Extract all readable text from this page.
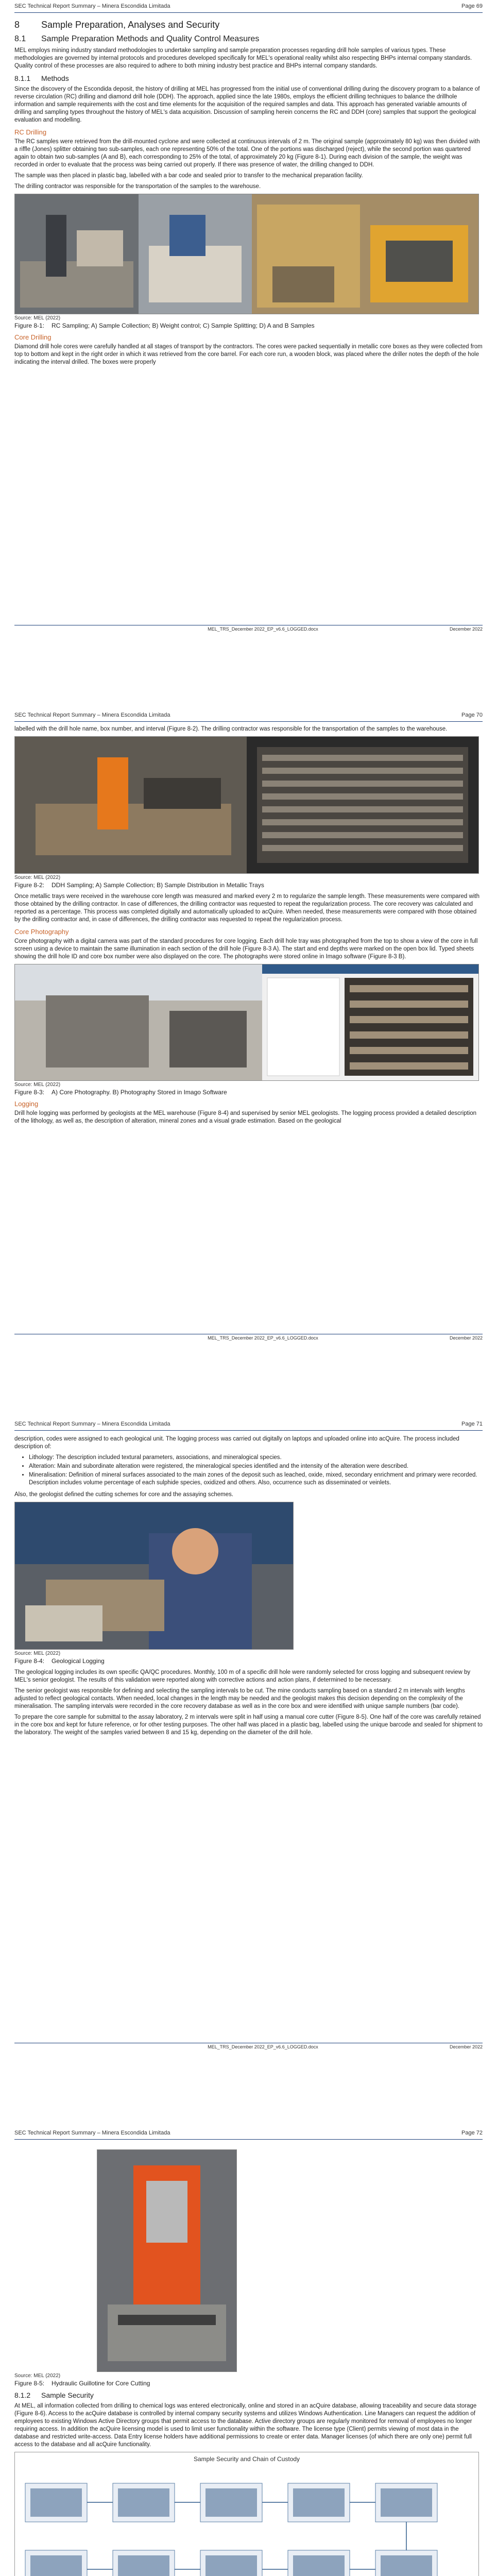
SEC Technical Report Summary – Minera Escondida Limitada	Page 69
8	Sample Preparation, Analyses and Security
8.1	Sample Preparation Methods and Quality Control Measures

MEL employs mining industry standard methodologies to undertake sampling and sample preparation processes regarding drill hole samples of various types. These methodologies are governed by internal protocols and procedures developed specifically for MEL's operational reality whilst also respecting BHPs internal company standards. Quality control of these processes are also required to adhere to both mining industry best practice and BHPs internal company standards.

8.1.1	Methods

Since the discovery of the Escondida deposit, the history of drilling at MEL has progressed from the initial use of conventional drilling during the discovery program to a balance of reverse circulation (RC) drilling and diamond drill hole (DDH). The approach, applied since the late 1980s, employs the efficient drilling techniques to balance the drillhole information and sample requirements with the cost and time elements for the acquisition of the required samples and data. This approach has generated variable amounts of drilling and sampling types throughout the history of MEL's data acquisition. Discussion of sampling herein concerns the RC and DDH (core) samples that support the geological evaluation and modelling.

RC Drilling

The RC samples were retrieved from the drill-mounted cyclone and were collected at continuous intervals of 2 m. The original sample (approximately 80 kg) was then divided with a riffle (Jones) splitter obtaining two sub-samples, each one representing 50% of the total. One of the portions was discharged (reject), while the second portion was quartered again to obtain two sub-samples (A and B), each corresponding to 25% of the total, of approximately 20 kg (Figure 8-1). During each division of the sample, the weight was recorded in order to evaluate that the process was being carried out properly. If there was presence of water, the drilling changed to DDH.

The sample was then placed in plastic bag, labelled with a bar code and sealed prior to transfer to the mechanical preparation facility.

The drilling contractor was responsible for the transportation of the samples to the warehouse.

Source: MEL (2022)
Figure 8-1:	RC Sampling; A) Sample Collection; B) Weight control; C) Sample Splitting; D) A and B Samples
Core Drilling

Diamond drill hole cores were carefully handled at all stages of transport by the contractors. The cores were packed sequentially in metallic core boxes as they were collected from top to bottom and kept in the right order in which it was retrieved from the core barrel. For each core run, a wooden block, was placed where the driller notes the depth of the hole indicating the interval drilled. The boxes were properly

MEL_TRS_December 2022_EP_v6.6_LOGGED.docx	December 2022
SEC Technical Report Summary – Minera Escondida Limitada	Page 70

labelled with the drill hole name, box number, and interval (Figure 8-2). The drilling contractor was responsible for the transportation of the samples to the warehouse.

Source: MEL (2022)
Figure 8-2:	DDH Sampling; A) Sample Collection; B) Sample Distribution in Metallic Trays

Once metallic trays were received in the warehouse core length was measured and marked every 2 m to regularize the sample length. These measurements were compared with those obtained by the drilling contractor. In case of differences, the drilling contractor was requested to repeat the regularization process. The core recovery was calculated and reported as a percentage. This process was completed digitally and automatically uploaded to acQuire. When needed, these measurements were compared with those obtained by the drilling contractor and, in case of differences, the drilling contractor was requested to repeat the regularization process.

Core Photography

Core photography with a digital camera was part of the standard procedures for core logging. Each drill hole tray was photographed from the top to show a view of the core in full screen using a device to maintain the same illumination in each section of the drill hole (Figure 8-3 A). The start and end depths were marked on the open box lid. Typed sheets showing the drill hole ID and core box number were also displayed on the core. The photographs were stored online in Imago software (Figure 8-3 B).

Source: MEL (2022)
Figure 8-3:	A) Core Photography. B) Photography Stored in Imago Software
Logging

Drill hole logging was performed by geologists at the MEL warehouse (Figure 8-4) and supervised by senior MEL geologists. The logging process provided a detailed description of the lithology, as well as, the description of alteration, mineral zones and a visual grade estimation. Based on the geological

MEL_TRS_December 2022_EP_v6.6_LOGGED.docx	December 2022
SEC Technical Report Summary – Minera Escondida Limitada	Page 71

description, codes were assigned to each geological unit. The logging process was carried out digitally on laptops and uploaded online into acQuire. The process included description of:

• Lithology: The description included textural parameters, associations, and mineralogical species.
• Alteration: Main and subordinate alteration were registered, the mineralogical species identified and the intensity of the alteration were described.
• Mineralisation: Definition of mineral surfaces associated to the main zones of the deposit such as leached, oxide, mixed, secondary enrichment and primary were recorded. Description includes volume percentage of each sulphide species, oxidized and others. Also, occurrence such as disseminated or veinlets.

Also, the geologist defined the cutting schemes for core and the assaying schemes.

Source: MEL (2022)
Figure 8-4:	Geological Logging

The geological logging includes its own specific QA/QC procedures. Monthly, 100 m of a specific drill hole were randomly selected for cross logging and subsequent review by MEL's senior geologist. The results of this validation were reported along with corrective actions and action plans, if determined to be necessary.

The senior geologist was responsible for defining and selecting the sampling intervals to be cut. The mine conducts sampling based on a standard 2 m intervals with lengths adjusted to reflect geological contacts. When needed, local changes in the length may be needed and the geologist makes this decision depending on the complexity of the mineralisation. The sampling intervals were recorded in the core recovery database as well as in the core box and were identified with unique sample numbers (bar code).

To prepare the core sample for submittal to the assay laboratory, 2 m intervals were split in half using a manual core cutter (Figure 8-5). One half of the core was carefully retained in the core box and kept for future reference, or for other testing purposes. The other half was placed in a plastic bag, labelled using the unique barcode and sealed for shipment to the laboratory. The weight of the samples varied between 8 and 15 kg, depending on the diameter of the drill hole.

MEL_TRS_December 2022_EP_v6.6_LOGGED.docx	December 2022
SEC Technical Report Summary – Minera Escondida Limitada	Page 72
Source: MEL (2022)
Figure 8-5:	Hydraulic Guillotine for Core Cutting
8.1.2	Sample Security

At MEL, all information collected from drilling to chemical logs was entered electronically, online and stored in an acQuire database, allowing traceability and secure data storage (Figure 8-6). Access to the acQuire database is controlled by internal company security systems and utilizes Windows Authentication. Line Managers can request the addition of employees to existing Windows Active Directory groups that permit access to the database. Active directory groups are regularly monitored for removal of employees no longer requiring access. In addition the acQuire licensing model is used to limit user functionality within the software. The license type (Client) permits viewing of most data in the database and restricted write-access. Data Entry license holders have additional permissions to create or enter data. Manager licenses (of which there are only one) permit full access to the database and all acQuire functionality.

Sample Security and Chain of Custody
